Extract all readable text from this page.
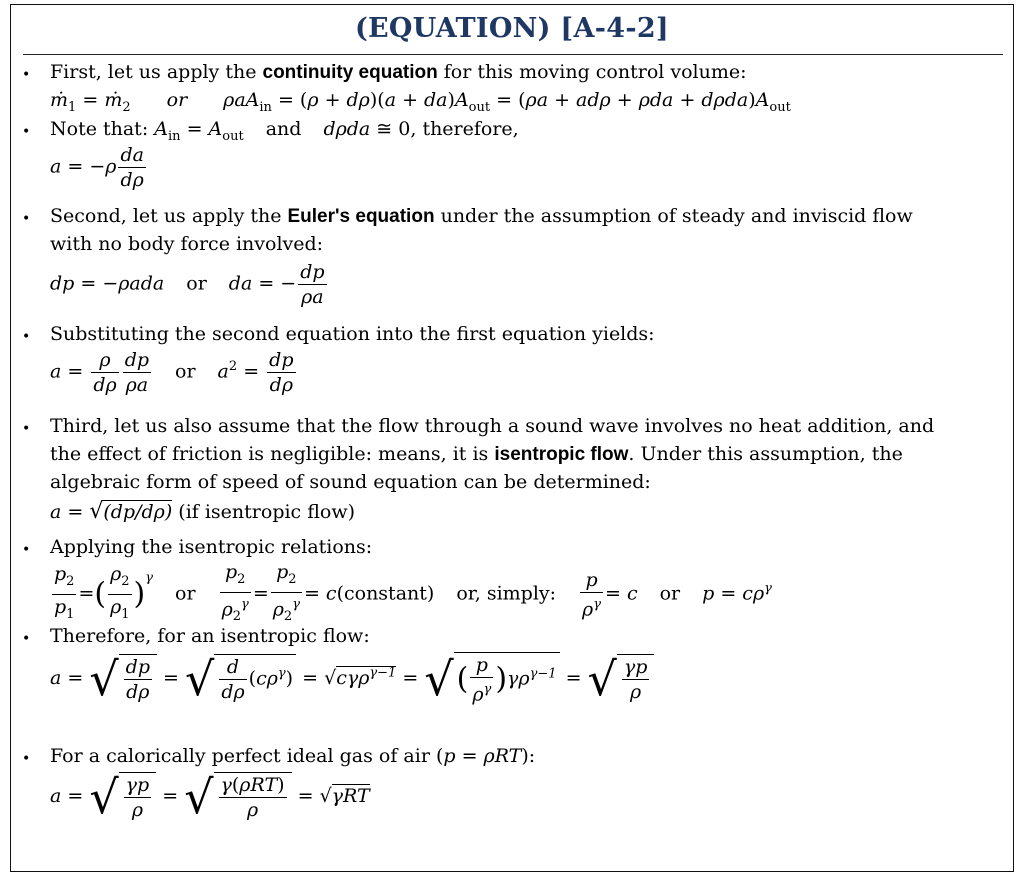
(EQUATION) [A-4-2]
• First, let us apply the continuity equation for this moving control volume:
ṁ$_1$ = ṁ$_2$ or $\rho aA_{in} = (\rho + d\rho)(a + da)A_{out} = (\rho a + ad\rho + \rho da + d\rho da)A_{out}$
• Note that: $A_{in} = A_{out}$ and dρda ≅ 0, therefore,
$a = -\rho \frac{da}{d\rho}$
• Second, let us apply the Euler's equation under the assumption of steady and inviscid flow
with no body force involved:
dp = −ρada or da = − $\frac{dp}{\rho a}$
• Substituting the second equation into the first equation yields:
$a = \frac{\rho}{d\rho} \frac{dp}{\rho a}$ or $a^2 = \frac{dp}{d\rho}$
• Third, let us also assume that the flow through a sound wave involves no heat addition, and
the effect of friction is negligible: means, it is isentropic flow. Under this assumption, the
algebraic form of speed of sound equation can be determined:
a = √(dp/dρ) (if isentropic flow)
• Applying the isentropic relations:
$\frac{p_2}{p_1}$ =( $\frac{\rho_2}{\rho_1} )^\gamma or \frac{p_2}{\rho_2^\gamma} = \frac{p_2}{\rho_2^\gamma}$ = c(constant) or, simply: $\frac{p}{\rho^\gamma} = c$ or $p = c\rho^\gamma$
• Therefore, for an isentropic flow:
a = √ $\frac{dp}{d\rho}$ = √ $\frac{d}{d\rho} (c\rho^\gamma) = √c\gamma\rho^{\gamma-1}$ = √ ( $\frac{p}{\rho^\gamma} )\gamma\rho^{\gamma-1}$ = √ $\frac{\gamma p}{\rho}$
• For a calorically perfect ideal gas of air (p = ρRT):
a = √ $\frac{\gamma p}{\rho}$ = √ $\frac{\text{γ(ρRT)}}{\rho} = √\gamma RT$
